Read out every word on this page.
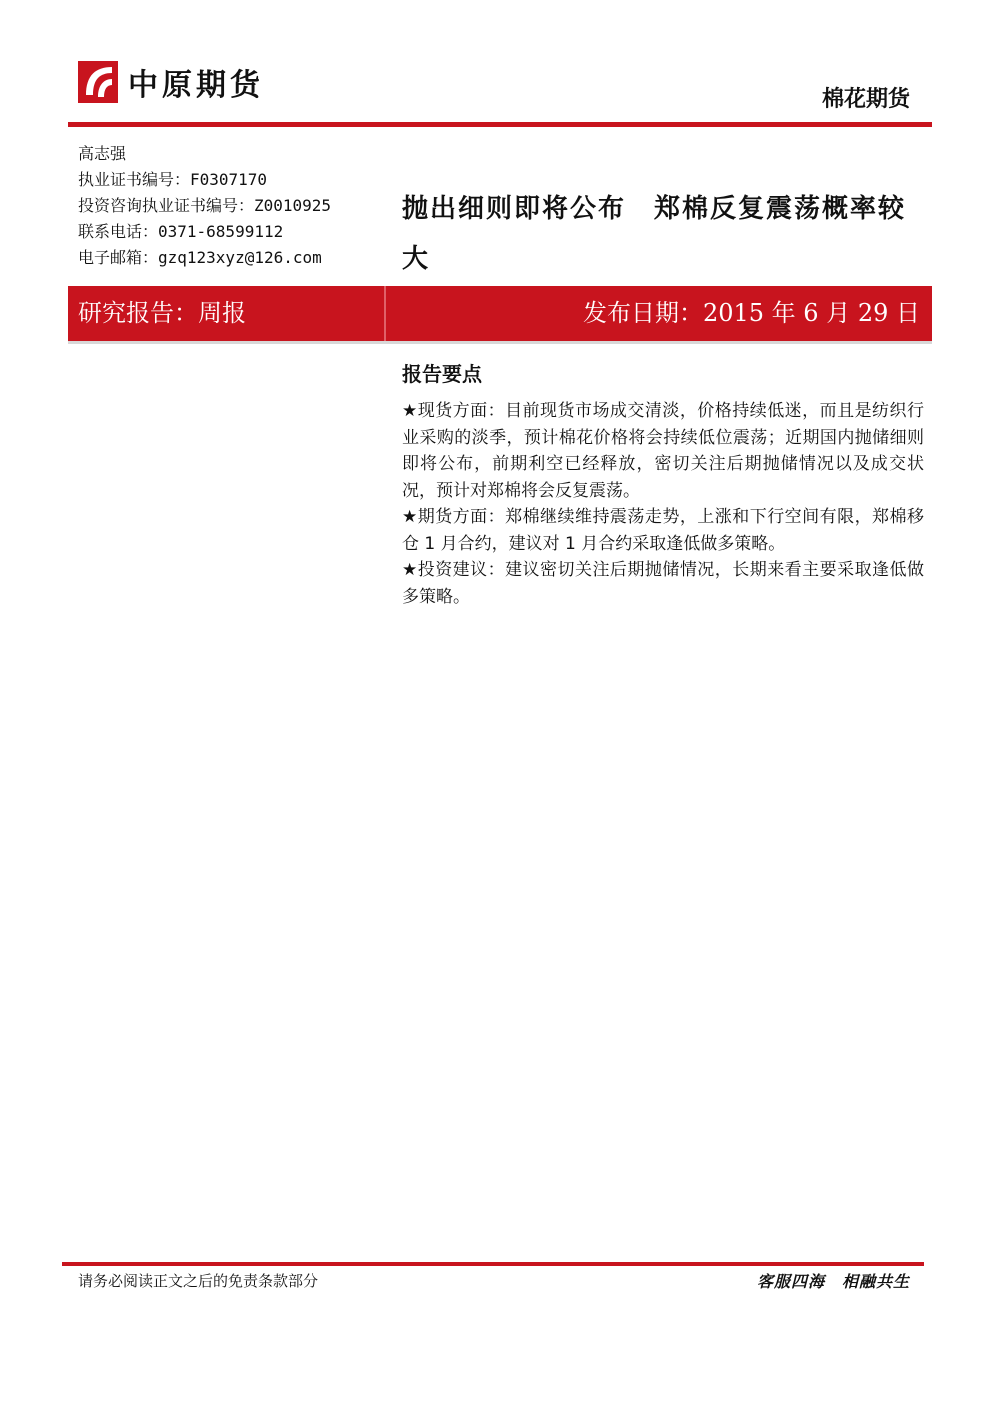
中原期货	棉花期货
高志强
执业证书编号：F0307170
投资咨询执业证书编号：Z0010925
联系电话：0371-68599112
电子邮箱：gzq123xyz@126.com
抛出细则即将公布　郑棉反复震荡概率较大
研究报告：周报	发布日期：2015 年 6 月 29 日
报告要点

★现货方面：目前现货市场成交清淡，价格持续低迷，而且是纺织行业采购的淡季，预计棉花价格将会持续低位震荡；近期国内抛储细则即将公布，前期利空已经释放，密切关注后期抛储情况以及成交状况，预计对郑棉将会反复震荡。

★期货方面：郑棉继续维持震荡走势，上涨和下行空间有限，郑棉移仓 1 月合约，建议对 1 月合约采取逢低做多策略。

★投资建议：建议密切关注后期抛储情况，长期来看主要采取逢低做多策略。

请务必阅读正文之后的免责条款部分	客服四海　相融共生
